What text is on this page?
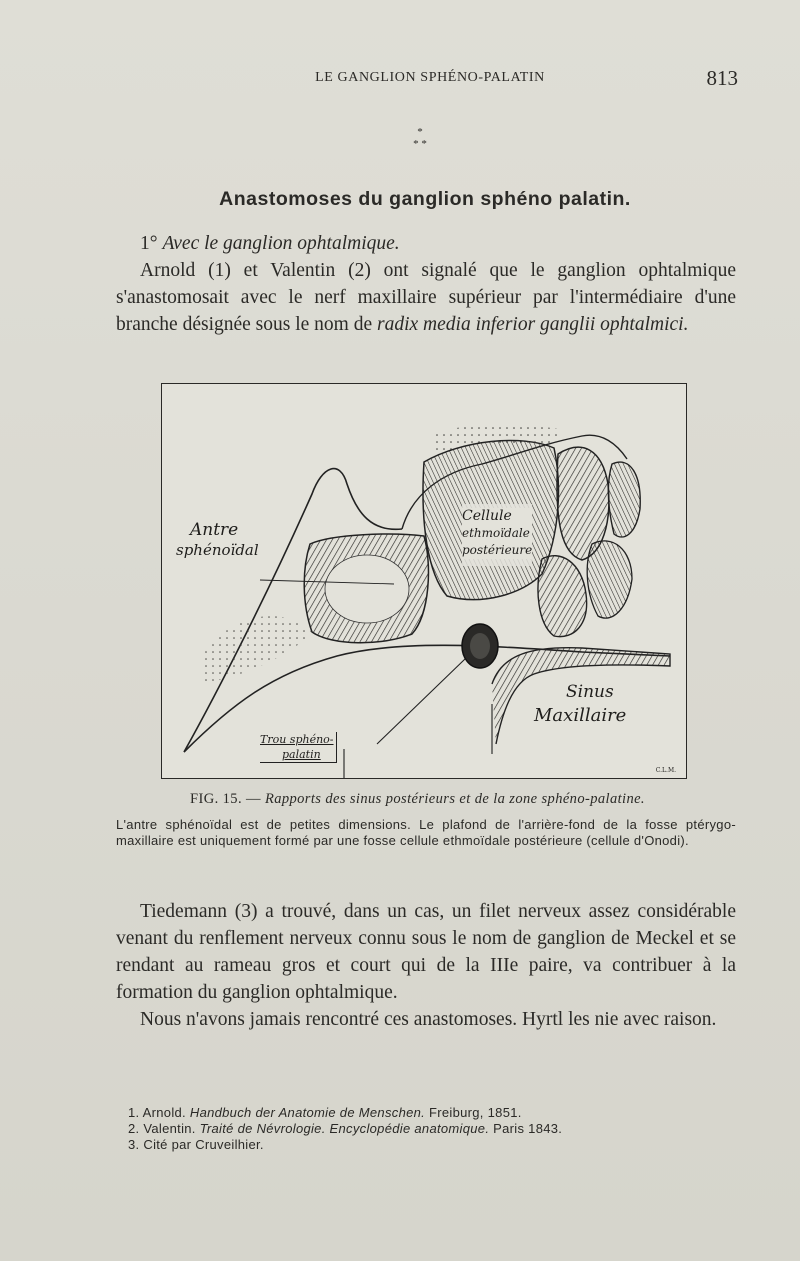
LE GANGLION SPHÉNO-PALATIN	813
*
* *
Anastomoses du ganglion sphéno palatin.

1° Avec le ganglion ophtalmique.

Arnold (1) et Valentin (2) ont signalé que le ganglion ophtalmique s'anastomosait avec le nerf maxillaire supérieur par l'intermédiaire d'une branche désignée sous le nom de radix media inferior ganglii ophtalmici.

Antre
sphénoïdal
Cellule
ethmoïdale
postérieure
Sinus
Maxillaire
Trou sphéno-
palatin
C.L.M.
FIG. 15. — Rapports des sinus postérieurs et de la zone sphéno-palatine.
L'antre sphénoïdal est de petites dimensions. Le plafond de l'arrière-fond de la fosse ptérygo-maxillaire est uniquement formé par une fosse cellule ethmoïdale postérieure (cellule d'Onodi).

Tiedemann (3) a trouvé, dans un cas, un filet nerveux assez considérable venant du renflement nerveux connu sous le nom de ganglion de Meckel et se rendant au rameau gros et court qui de la IIIe paire, va contribuer à la formation du ganglion ophtalmique.

Nous n'avons jamais rencontré ces anastomoses. Hyrtl les nie avec raison.

1. Arnold. Handbuch der Anatomie de Menschen. Freiburg, 1851.

2. Valentin. Traité de Névrologie. Encyclopédie anatomique. Paris 1843.

3. Cité par Cruveilhier.
